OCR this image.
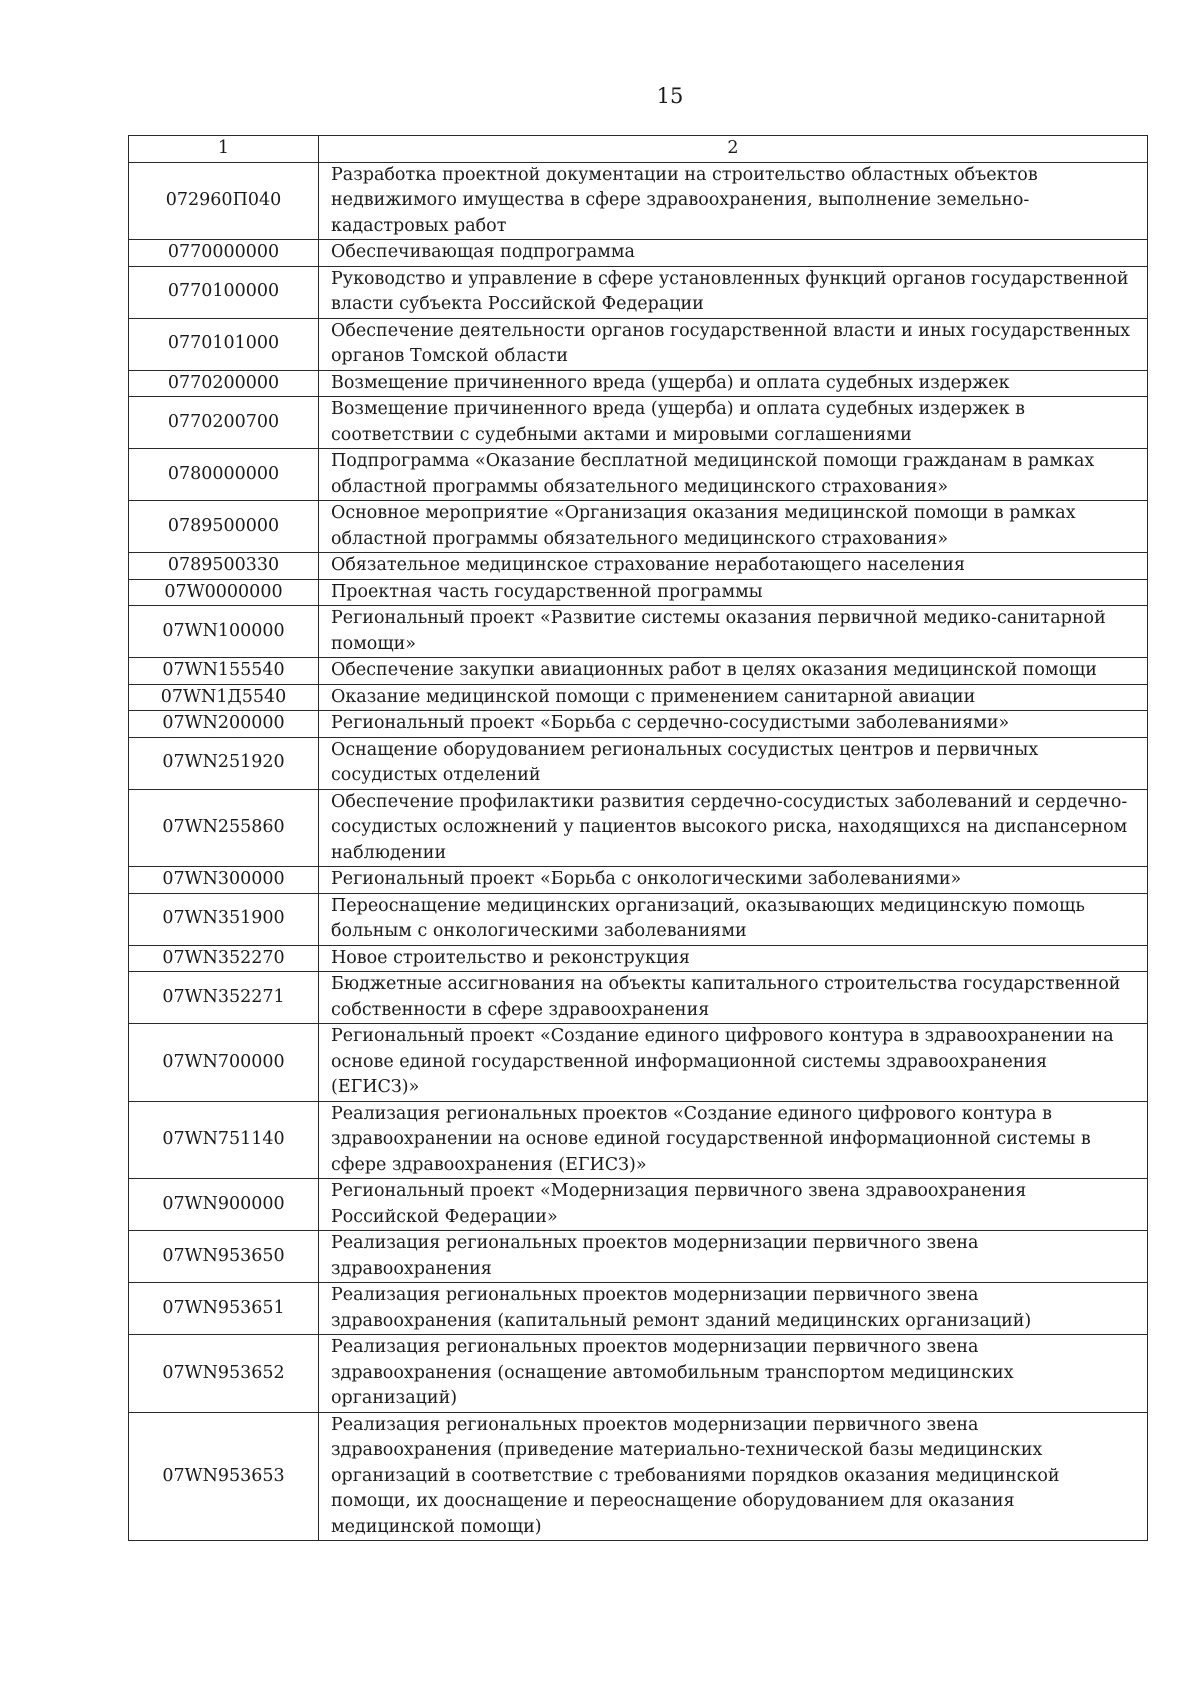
15
1	2
072960П040	Разработка проектной документации на строительство областных объектов недвижимого имущества в сфере здравоохранения, выполнение земельно-кадастровых работ
0770000000	Обеспечивающая подпрограмма
0770100000	Руководство и управление в сфере установленных функций органов государственной власти субъекта Российской Федерации
0770101000	Обеспечение деятельности органов государственной власти и иных государственных органов Томской области
0770200000	Возмещение причиненного вреда (ущерба) и оплата судебных издержек
0770200700	Возмещение причиненного вреда (ущерба) и оплата судебных издержек в соответствии с судебными актами и мировыми соглашениями
0780000000	Подпрограмма «Оказание бесплатной медицинской помощи гражданам в рамках областной программы обязательного медицинского страхования»
0789500000	Основное мероприятие «Организация оказания медицинской помощи в рамках областной программы обязательного медицинского страхования»
0789500330	Обязательное медицинское страхование неработающего населения
07W0000000	Проектная часть государственной программы
07WN100000	Региональный проект «Развитие системы оказания первичной медико-санитарной помощи»
07WN155540	Обеспечение закупки авиационных работ в целях оказания медицинской помощи
07WN1Д5540	Оказание медицинской помощи с применением санитарной авиации
07WN200000	Региональный проект «Борьба с сердечно-сосудистыми заболеваниями»
07WN251920	Оснащение оборудованием региональных сосудистых центров и первичных сосудистых отделений
07WN255860	Обеспечение профилактики развития сердечно-сосудистых заболеваний и сердечно-сосудистых осложнений у пациентов высокого риска, находящихся на диспансерном наблюдении
07WN300000	Региональный проект «Борьба с онкологическими заболеваниями»
07WN351900	Переоснащение медицинских организаций, оказывающих медицинскую помощь больным с онкологическими заболеваниями
07WN352270	Новое строительство и реконструкция
07WN352271	Бюджетные ассигнования на объекты капитального строительства государственной собственности в сфере здравоохранения
07WN700000	Региональный проект «Создание единого цифрового контура в здравоохранении на основе единой государственной информационной системы здравоохранения (ЕГИСЗ)»
07WN751140	Реализация региональных проектов «Создание единого цифрового контура в здравоохранении на основе единой государственной информационной системы в сфере здравоохранения (ЕГИСЗ)»
07WN900000	Региональный проект «Модернизация первичного звена здравоохранения Российской Федерации»
07WN953650	Реализация региональных проектов модернизации первичного звена здравоохранения
07WN953651	Реализация региональных проектов модернизации первичного звена здравоохранения (капитальный ремонт зданий медицинских организаций)
07WN953652	Реализация региональных проектов модернизации первичного звена здравоохранения (оснащение автомобильным транспортом медицинских организаций)
07WN953653	Реализация региональных проектов модернизации первичного звена здравоохранения (приведение материально-технической базы медицинских организаций в соответствие с требованиями порядков оказания медицинской помощи, их дооснащение и переоснащение оборудованием для оказания медицинской помощи)
